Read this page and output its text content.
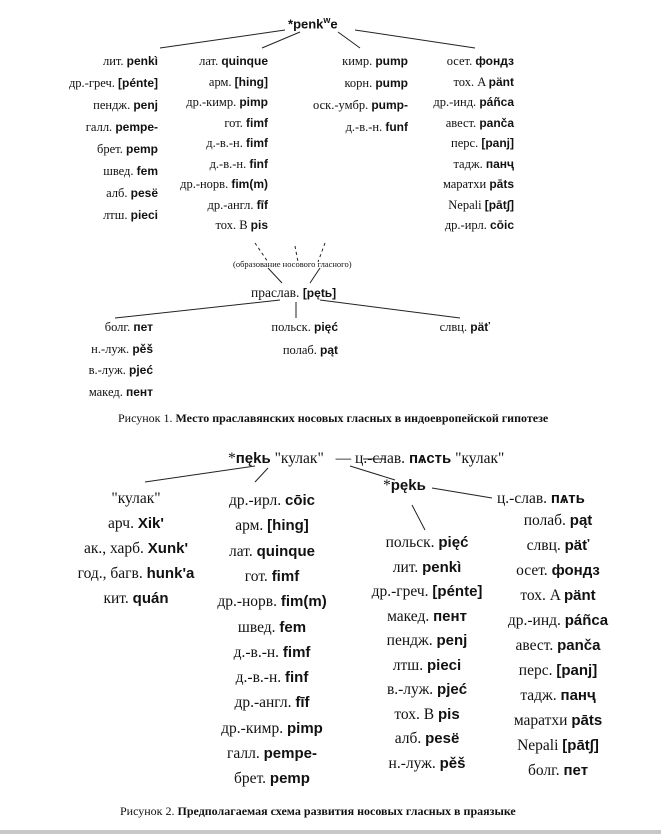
*penk$^w$e
лит. penkì
др.-греч. [pénte]
пендж. penj
галл. pempe-
брет. pemp
швед. fem
алб. pesë
лтш. pieci
лат. quinque
арм. [hing]
др.-кимр. pimp
гот. fimf
д.-в.-н. fimf
д.-в.-н. finf
др.-норв. fim(m)
др.-англ. fīf
тох. B pis
кимр. pump
корн. pump
оск.-умбр. pump-
д.-в.-н. funf
осет. фондз
тох. A pänt
др.-инд. páñca
авест. panča
перс. [panj]
тадж. панҷ
маратхи pāts
Nepali [pāt∫]
др.-ирл. cōic
(образование носового гласного)
праслав. [pętь]
болг. пет
н.-луж. pěš
в.-луж. pjeć
макед. пент
польск. pięć
полаб. pąt
слвц. päť
Рисунок 1. Место праславянских носовых гласных в индоевропейской гипотезе
*пękь "кулак" — ц.-слав. пѧсть "кулак"
*pękь
ц.-слав. пѧть
"кулак"
арч. Xik'
ак., харб. Xunk'
год., багв. hunk'a
кит. quán
др.-ирл. cōic
арм. [hing]
лат. quinque
гот. fimf
др.-норв. fim(m)
швед. fem
д.-в.-н. fimf
д.-в.-н. finf
др.-англ. fīf
др.-кимр. pimp
галл. pempe-
брет. pemp
польск. pięć
лит. penkì
др.-греч. [pénte]
макед. пент
пендж. penj
лтш. pieci
в.-луж. pjeć
тох. B pis
алб. pesë
н.-луж. pěš
полаб. pąt
слвц. päť
осет. фондз
тох. A pänt
др.-инд. páñca
авест. panča
перс. [panj]
тадж. панҷ
маратхи pāts
Nepali [pāt∫]
болг. пет
Рисунок 2. Предполагаемая схема развития носовых гласных в праязыке
